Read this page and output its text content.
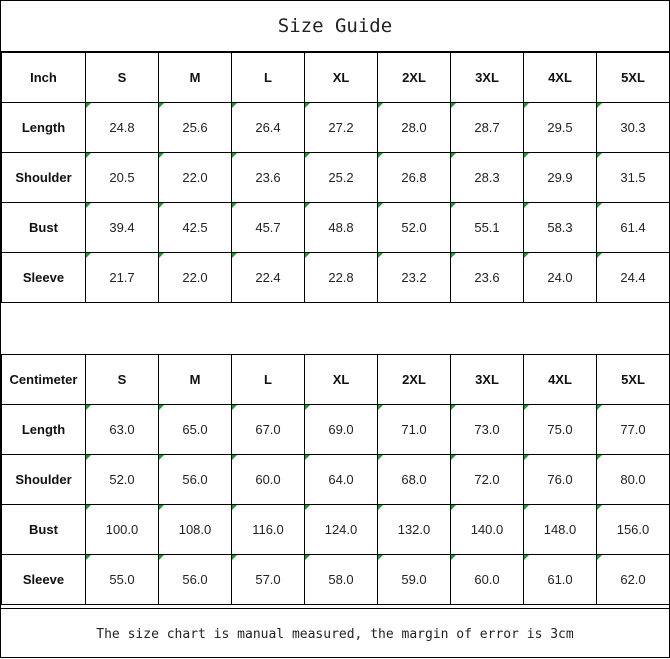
Size Guide
Inch	S	M	L	XL	2XL	3XL	4XL	5XL
Length	24.8	25.6	26.4	27.2	28.0	28.7	29.5	30.3
Shoulder	20.5	22.0	23.6	25.2	26.8	28.3	29.9	31.5
Bust	39.4	42.5	45.7	48.8	52.0	55.1	58.3	61.4
Sleeve	21.7	22.0	22.4	22.8	23.2	23.6	24.0	24.4
Centimeter	S	M	L	XL	2XL	3XL	4XL	5XL
Length	63.0	65.0	67.0	69.0	71.0	73.0	75.0	77.0
Shoulder	52.0	56.0	60.0	64.0	68.0	72.0	76.0	80.0
Bust	100.0	108.0	116.0	124.0	132.0	140.0	148.0	156.0
Sleeve	55.0	56.0	57.0	58.0	59.0	60.0	61.0	62.0
The size chart is manual measured, the margin of error is 3cm
